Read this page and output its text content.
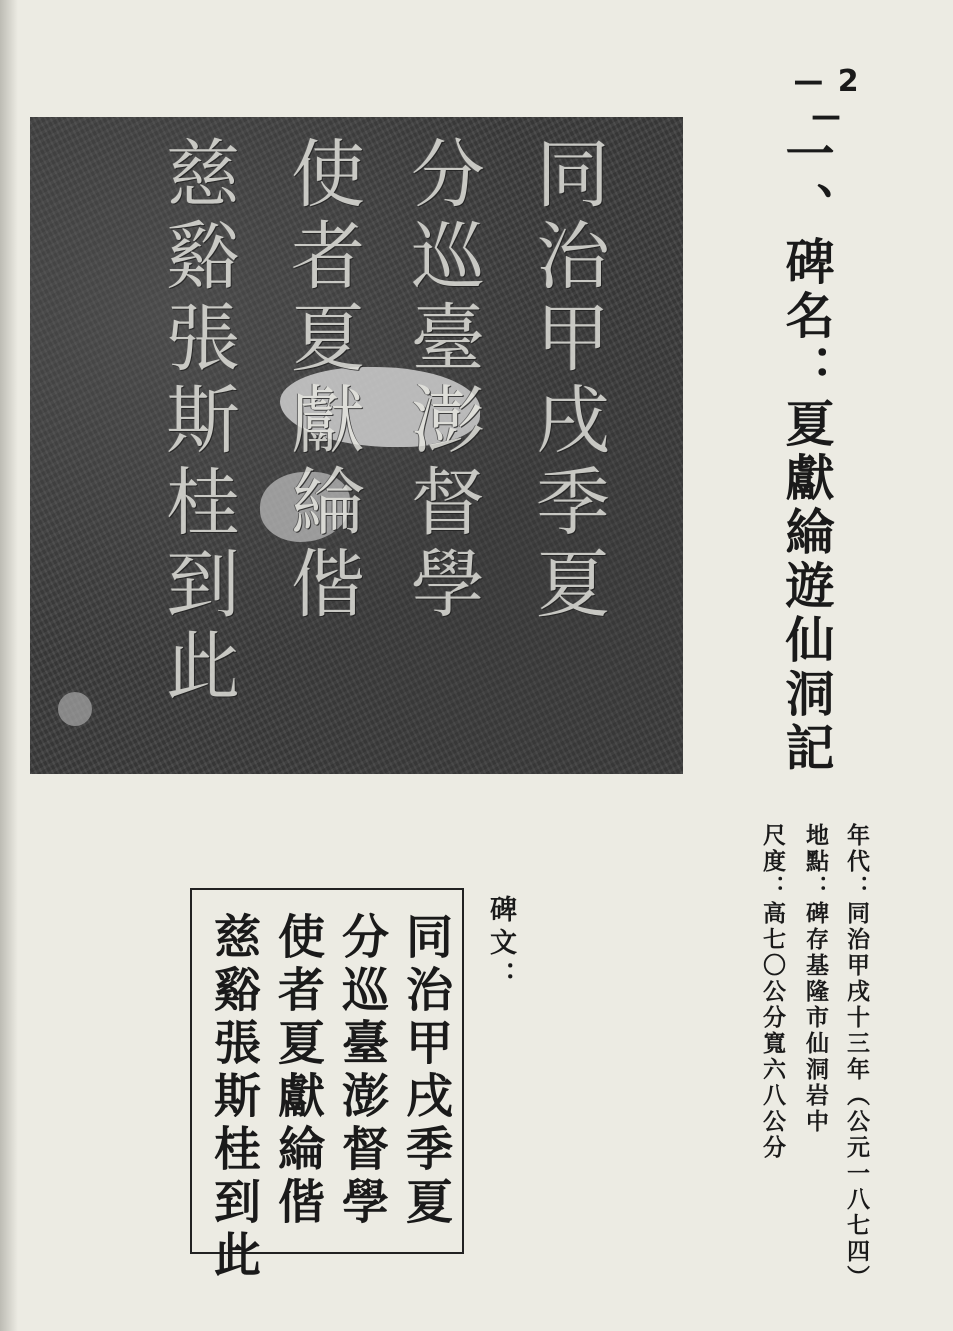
— 2 —
一、碑名：夏獻綸遊仙洞記
年代：同治甲戌十三年（公元一八七四）
地點：碑存基隆市仙洞岩中
尺度：高七〇公分寬六八公分
同治甲戌季夏
分巡臺澎督學
使者夏獻綸偕
慈谿張斯桂到此
碑文：
同治甲戌季夏
分巡臺澎督學
使者夏獻綸偕
慈谿張斯桂到此
